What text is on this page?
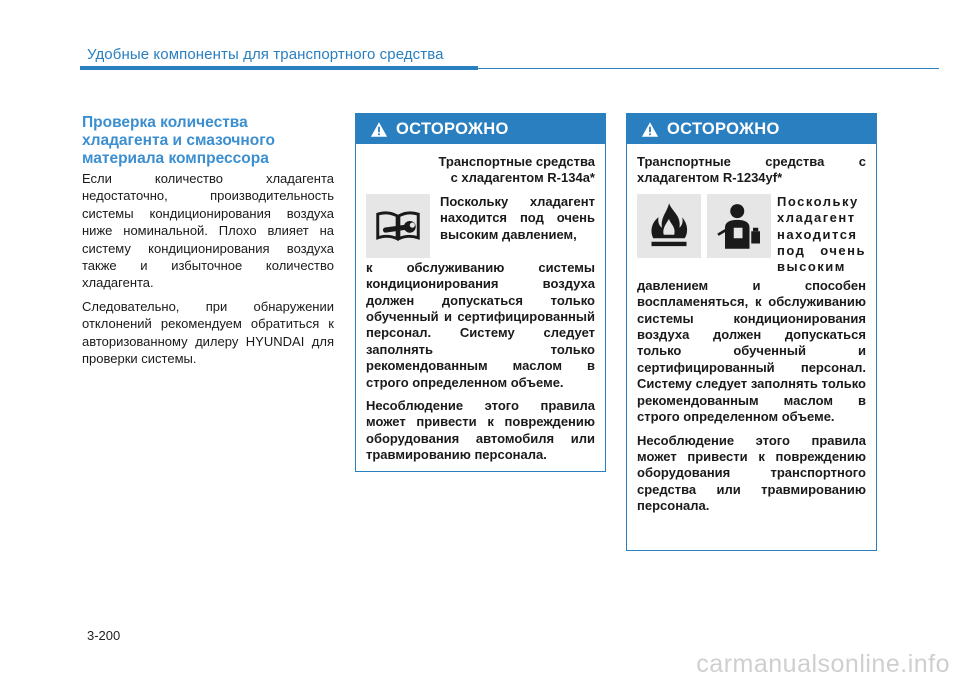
Удобные компоненты для транспортного средства
Проверка количества хладагента и смазочного материала компрессора

Если количество хладагента недостаточно, производительность системы кондиционирования воздуха ниже номинальной. Плохо влияет на систему кондиционирования воздуха также и избыточное количество хладагента.

Следовательно, при обнаружении отклонений рекомендуем обратиться к авторизованному дилеру HYUNDAI для проверки системы.

ОСТОРОЖНО

Транспортные средства с хладагентом R-134a*

Поскольку хладагент находится под очень высоким давлением,

к обслуживанию системы кондиционирования воздуха должен допускаться только обученный и сертифицированный персонал. Системy следует заполнять только рекомендованным маслом в строго определенном объеме.

Несоблюдение этого правила может привести к повреждению оборудования автомобиля или травмированию персонала.

ОСТОРОЖНО

Транспортные средства с хладагентом R-1234yf*

Поскольку хладагент находится под очень высоким

давлением и способен воспламеняться, к обслуживанию системы кондиционирования воздуха должен допускаться только обученный и сертифицированный персонал. Системy следует заполнять только рекомендованным маслом в строго определенном объеме.

Несоблюдение этого правила может привести к повреждению оборудования транспортного средства или травмированию персонала.

3-200
carmanualsonline.info
